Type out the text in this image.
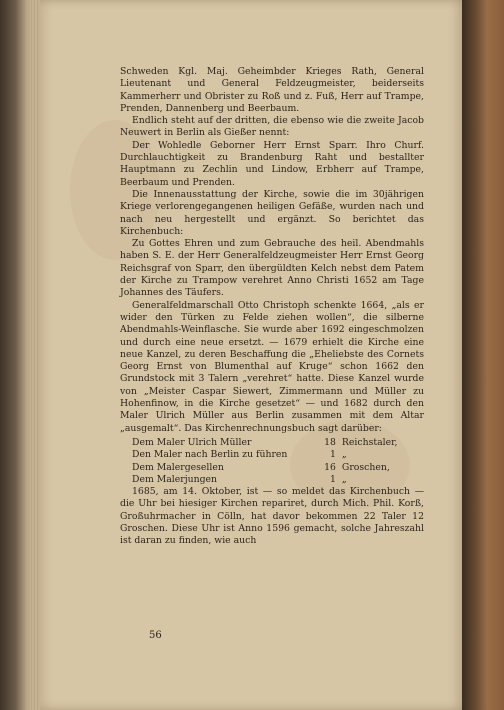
Schweden Kgl. Maj. Geheimbder Krieges Rath, General Lieutenant und General Feldzeugmeister, beiderseits Kammerherr und Obrister zu Roß und z. Fuß, Herr auf Trampe, Prenden, Dannenberg und Beerbaum.

Endlich steht auf der dritten, die ebenso wie die zweite Jacob Neuwert in Berlin als Gießer nennt:

Der Wohledle Geborner Herr Ernst Sparr. Ihro Churf. Durchlauchtigkeit zu Brandenburg Raht und bestallter Hauptmann zu Zechlin und Lindow, Erbherr auf Trampe, Beerbaum und Prenden.

Die Innenausstattung der Kirche, sowie die im 30jährigen Kriege verlorengegangenen heiligen Gefäße, wurden nach und nach neu hergestellt und ergänzt. So berichtet das Kirchenbuch:

Zu Gottes Ehren und zum Gebrauche des heil. Abendmahls haben S. E. der Herr Generalfeldzeugmeister Herr Ernst Georg Reichsgraf von Sparr, den übergüldten Kelch nebst dem Patem der Kirche zu Trampow verehret Anno Christi 1652 am Tage Johannes des Täufers.

Generalfeldmarschall Otto Christoph schenkte 1664, „als er wider den Türken zu Felde ziehen wollen“, die silberne Abendmahls-Weinflasche. Sie wurde aber 1692 eingeschmolzen und durch eine neue ersetzt. — 1679 erhielt die Kirche eine neue Kanzel, zu deren Beschaffung die „Eheliebste des Cornets Georg Ernst von Blumenthal auf Kruge“ schon 1662 den Grundstock mit 3 Talern „verehret“ hatte. Diese Kanzel wurde von „Meister Caspar Siewert, Zimmermann und Müller zu Hohenfinow, in die Kirche gesetzet“ — und 1682 durch den Maler Ulrich Müller aus Berlin zusammen mit dem Altar „ausgemalt“. Das Kirchenrechnungsbuch sagt darüber:

Dem Maler Ulrich Müller	18	Reichstaler,
Den Maler nach Berlin zu führen	1	„
Dem Malergesellen	16	Groschen,
Dem Malerjungen	1	„

1685, am 14. Oktober, ist — so meldet das Kirchenbuch — die Uhr bei hiesiger Kirchen repariret, durch Mich. Phil. Korß, Großuhrmacher in Cölln, hat davor bekommen 22 Taler 12 Groschen. Diese Uhr ist Anno 1596 gemacht, solche Jahreszahl ist daran zu finden, wie auch

56
